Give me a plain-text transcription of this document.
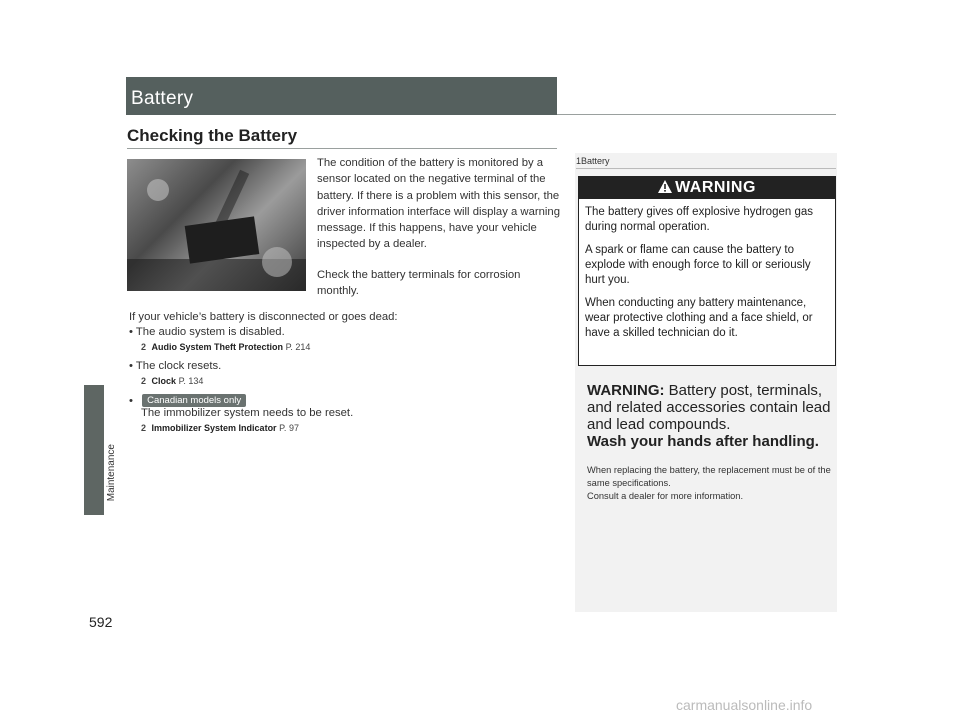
Maintenance
592
Battery
Checking the Battery

The condition of the battery is monitored by a sensor located on the negative terminal of the battery. If there is a problem with this sensor, the driver information interface will display a warning message. If this happens, have your vehicle inspected by a dealer.

Check the battery terminals for corrosion monthly.

If your vehicle’s battery is disconnected or goes dead:

• The audio system is disabled.

2 Audio System Theft Protection P. 214

• The clock resets.

2 Clock P. 134

• Canadian models only

The immobilizer system needs to be reset.

2 Immobilizer System Indicator P. 97
1Battery
WARNING

The battery gives off explosive hydrogen gas during normal operation.

A spark or flame can cause the battery to explode with enough force to kill or seriously hurt you.

When conducting any battery maintenance, wear protective clothing and a face shield, or have a skilled technician do it.

WARNING: Battery post, terminals, and related accessories contain lead and lead compounds.

Wash your hands after handling.

When replacing the battery, the replacement must be of the same specifications.

Consult a dealer for more information.

carmanualsonline.info
